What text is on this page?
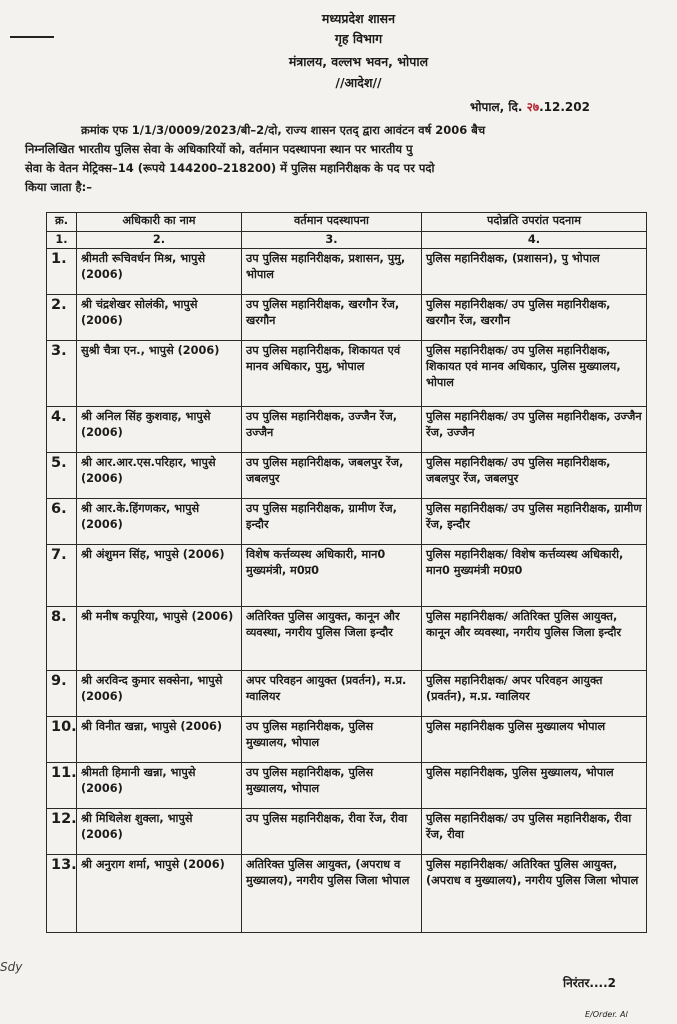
मध्यप्रदेश शासन
गृह विभाग
मंत्रालय, वल्लभ भवन, भोपाल
//आदेश//
भोपाल, दि. २७.12.202
क्रमांक एफ 1/1/3/0009/2023/बी–2/दो, राज्य शासन एतद् द्वारा आवंटन वर्ष 2006 बैच
निम्नलिखित भारतीय पुलिस सेवा के अधिकारियों को, वर्तमान पदस्थापना स्थान पर भारतीय पु
सेवा के वेतन मेट्रिक्स–14 (रूपये 144200–218200) में पुलिस महानिरीक्षक के पद पर पदो
किया जाता है:–
क्र.	अधिकारी का नाम	वर्तमान पदस्थापना	पदोन्नति उपरांत पदनाम
1.	2.	3.	4.
1.	श्रीमती रूचिवर्धन मिश्र, भापुसे (2006)	उप पुलिस महानिरीक्षक, प्रशासन, पुमु, भोपाल	पुलिस महानिरीक्षक, (प्रशासन), पु भोपाल
2.	श्री चंद्रशेखर सोलंकी, भापुसे (2006)	उप पुलिस महानिरीक्षक, खरगौन रेंज, खरगौन	पुलिस महानिरीक्षक/ उप पुलिस महानिरीक्षक, खरगौन रेंज, खरगौन
3.	सुश्री चैत्रा एन., भापुसे (2006)	उप पुलिस महानिरीक्षक, शिकायत एवं मानव अधिकार, पुमु, भोपाल	पुलिस महानिरीक्षक/ उप पुलिस महानिरीक्षक, शिकायत एवं मानव अधिकार, पुलिस मुख्यालय, भोपाल
4.	श्री अनिल सिंह कुशवाह, भापुसे (2006)	उप पुलिस महानिरीक्षक, उज्जैन रेंज, उज्जैन	पुलिस महानिरीक्षक/ उप पुलिस महानिरीक्षक, उज्जैन रेंज, उज्जैन
5.	श्री आर.आर.एस.परिहार, भापुसे (2006)	उप पुलिस महानिरीक्षक, जबलपुर रेंज, जबलपुर	पुलिस महानिरीक्षक/ उप पुलिस महानिरीक्षक, जबलपुर रेंज, जबलपुर
6.	श्री आर.के.हिंगणकर, भापुसे (2006)	उप पुलिस महानिरीक्षक, ग्रामीण रेंज, इन्दौर	पुलिस महानिरीक्षक/ उप पुलिस महानिरीक्षक, ग्रामीण रेंज, इन्दौर
7.	श्री अंशुमन सिंह, भापुसे (2006)	विशेष कर्त्तव्यस्थ अधिकारी, मान0 मुख्यमंत्री, म0प्र0	पुलिस महानिरीक्षक/ विशेष कर्त्तव्यस्थ अधिकारी, मान0 मुख्यमंत्री म0प्र0
8.	श्री मनीष कपूरिया, भापुसे (2006)	अतिरिक्त पुलिस आयुक्त, कानून और व्यवस्था, नगरीय पुलिस जिला इन्दौर	पुलिस महानिरीक्षक/ अतिरिक्त पुलिस आयुक्त, कानून और व्यवस्था, नगरीय पुलिस जिला इन्दौर
9.	श्री अरविन्द कुमार सक्सेना, भापुसे (2006)	अपर परिवहन आयुक्त (प्रवर्तन), म.प्र. ग्वालियर	पुलिस महानिरीक्षक/ अपर परिवहन आयुक्त (प्रवर्तन), म.प्र. ग्वालियर
10.	श्री विनीत खन्ना, भापुसे (2006)	उप पुलिस महानिरीक्षक, पुलिस मुख्यालय, भोपाल	पुलिस महानिरीक्षक पुलिस मुख्यालय भोपाल
11.	श्रीमती हिमानी खन्ना, भापुसे (2006)	उप पुलिस महानिरीक्षक, पुलिस मुख्यालय, भोपाल	पुलिस महानिरीक्षक, पुलिस मुख्यालय, भोपाल
12.	श्री मिथिलेश शुक्ला, भापुसे (2006)	उप पुलिस महानिरीक्षक, रीवा रेंज, रीवा	पुलिस महानिरीक्षक/ उप पुलिस महानिरीक्षक, रीवा रेंज, रीवा
13.	श्री अनुराग शर्मा, भापुसे (2006)	अतिरिक्त पुलिस आयुक्त, (अपराध व मुख्यालय), नगरीय पुलिस जिला भोपाल	पुलिस महानिरीक्षक/ अतिरिक्त पुलिस आयुक्त, (अपराध व मुख्यालय), नगरीय पुलिस जिला भोपाल
Sdy
निरंतर....2
E/Order. Al
